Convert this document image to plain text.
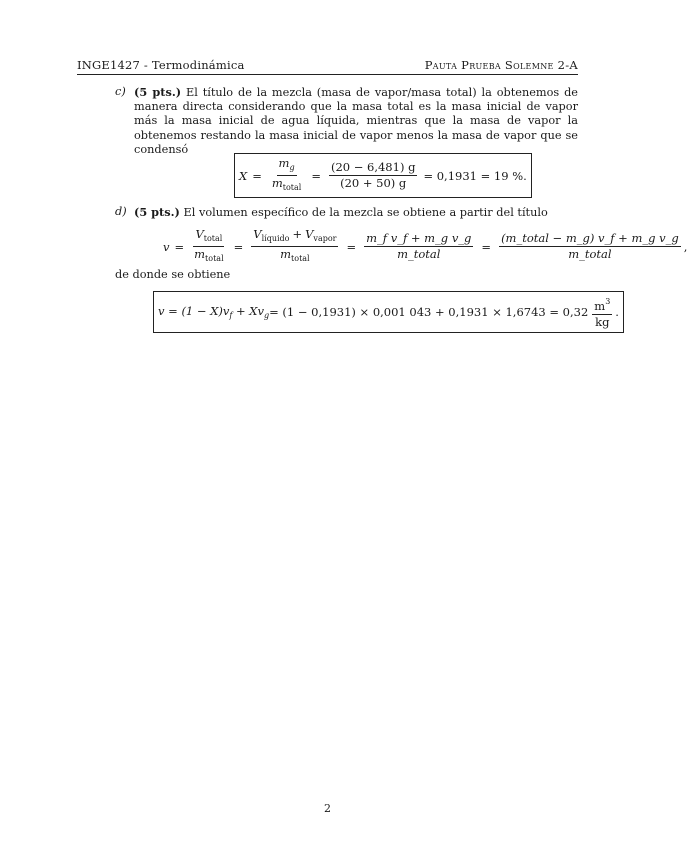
INGE1427 - Termodinámica	Pauta Prueba Solemne 2-A
c) (5 pts.) El título de la mezcla (masa de vapor/masa total) la obtenemos de manera directa considerando que la masa total es la masa inicial de vapor más la masa inicial de agua líquida, mientras que la masa de vapor la obtenemos restando la masa inicial de vapor menos la masa de vapor que se condensó
$X = \frac{m_g}{m_{total}} = \frac{(20 - 6,481) g}{(20 + 50) g} = 0,1931 = 19$ %.
d) (5 pts.) El volumen específico de la mezcla se obtiene a partir del título
$v = \frac{V_{total}}{m_{total}} = \frac{V_{líquido} + V_{vapor}}{m_{total}} = \frac{\text{m\_f v\_f + m\_g v\_g}}{\text{m\_total}} = \frac{\text{(m\_total − m\_g) v\_f + m\_g v\_g}}{\text{m\_total}}$
de donde se obtiene
$v = (1 - X)v_f + Xv_g = (1 - 0,1931) \times 0,001$ $043 + 0,1931 \times 1,6743 = 0,32 \frac{m^3}{kg}$ .
2
